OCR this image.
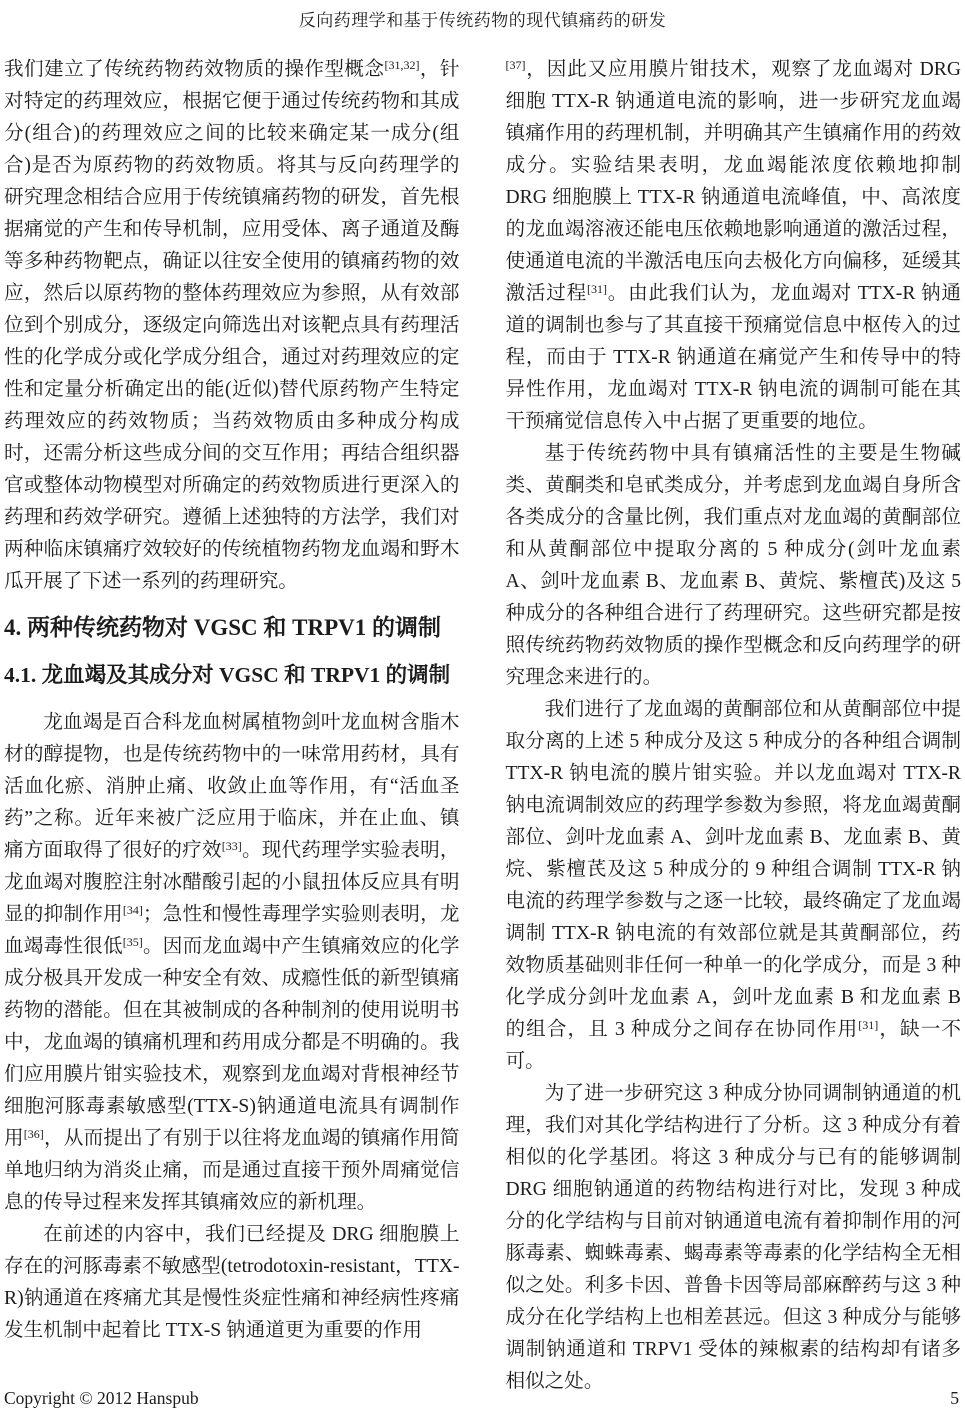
反向药理学和基于传统药物的现代镇痛药的研发

我们建立了传统药物药效物质的操作型概念[31,32]，针对特定的药理效应，根据它便于通过传统药物和其成分(组合)的药理效应之间的比较来确定某一成分(组合)是否为原药物的药效物质。将其与反向药理学的研究理念相结合应用于传统镇痛药物的研发，首先根据痛觉的产生和传导机制，应用受体、离子通道及酶等多种药物靶点，确证以往安全使用的镇痛药物的效应，然后以原药物的整体药理效应为参照，从有效部位到个别成分，逐级定向筛选出对该靶点具有药理活性的化学成分或化学成分组合，通过对药理效应的定性和定量分析确定出的能(近似)替代原药物产生特定药理效应的药效物质；当药效物质由多种成分构成时，还需分析这些成分间的交互作用；再结合组织器官或整体动物模型对所确定的药效物质进行更深入的药理和药效学研究。遵循上述独特的方法学，我们对两种临床镇痛疗效较好的传统植物药物龙血竭和野木瓜开展了下述一系列的药理研究。

4. 两种传统药物对 VGSC 和 TRPV1 的调制
4.1. 龙血竭及其成分对 VGSC 和 TRPV1 的调制

龙血竭是百合科龙血树属植物剑叶龙血树含脂木材的醇提物，也是传统药物中的一味常用药材，具有活血化瘀、消肿止痛、收敛止血等作用，有“活血圣药”之称。近年来被广泛应用于临床，并在止血、镇痛方面取得了很好的疗效[33]。现代药理学实验表明，龙血竭对腹腔注射冰醋酸引起的小鼠扭体反应具有明显的抑制作用[34]；急性和慢性毒理学实验则表明，龙血竭毒性很低[35]。因而龙血竭中产生镇痛效应的化学成分极具开发成一种安全有效、成瘾性低的新型镇痛药物的潜能。但在其被制成的各种制剂的使用说明书中，龙血竭的镇痛机理和药用成分都是不明确的。我们应用膜片钳实验技术，观察到龙血竭对背根神经节细胞河豚毒素敏感型(TTX-S)钠通道电流具有调制作用[36]，从而提出了有别于以往将龙血竭的镇痛作用简单地归纳为消炎止痛，而是通过直接干预外周痛觉信息的传导过程来发挥其镇痛效应的新机理。

在前述的内容中，我们已经提及 DRG 细胞膜上存在的河豚毒素不敏感型(tetrodotoxin-resistant，TTX-R)钠通道在疼痛尤其是慢性炎症性痛和神经病性疼痛发生机制中起着比 TTX-S 钠通道更为重要的作用

[37]，因此又应用膜片钳技术，观察了龙血竭对 DRG 细胞 TTX-R 钠通道电流的影响，进一步研究龙血竭镇痛作用的药理机制，并明确其产生镇痛作用的药效成分。实验结果表明，龙血竭能浓度依赖地抑制 DRG 细胞膜上 TTX-R 钠通道电流峰值，中、高浓度的龙血竭溶液还能电压依赖地影响通道的激活过程，使通道电流的半激活电压向去极化方向偏移，延缓其激活过程[31]。由此我们认为，龙血竭对 TTX-R 钠通道的调制也参与了其直接干预痛觉信息中枢传入的过程，而由于 TTX-R 钠通道在痛觉产生和传导中的特异性作用，龙血竭对 TTX-R 钠电流的调制可能在其干预痛觉信息传入中占据了更重要的地位。

基于传统药物中具有镇痛活性的主要是生物碱类、黄酮类和皂甙类成分，并考虑到龙血竭自身所含各类成分的含量比例，我们重点对龙血竭的黄酮部位和从黄酮部位中提取分离的 5 种成分(剑叶龙血素 A、剑叶龙血素 B、龙血素 B、黄烷、紫檀芪)及这 5 种成分的各种组合进行了药理研究。这些研究都是按照传统药物药效物质的操作型概念和反向药理学的研究理念来进行的。

我们进行了龙血竭的黄酮部位和从黄酮部位中提取分离的上述 5 种成分及这 5 种成分的各种组合调制 TTX-R 钠电流的膜片钳实验。并以龙血竭对 TTX-R 钠电流调制效应的药理学参数为参照，将龙血竭黄酮部位、剑叶龙血素 A、剑叶龙血素 B、龙血素 B、黄烷、紫檀芪及这 5 种成分的 9 种组合调制 TTX-R 钠电流的药理学参数与之逐一比较，最终确定了龙血竭调制 TTX-R 钠电流的有效部位就是其黄酮部位，药效物质基础则非任何一种单一的化学成分，而是 3 种化学成分剑叶龙血素 A，剑叶龙血素 B 和龙血素 B 的组合，且 3 种成分之间存在协同作用[31]，缺一不可。

为了进一步研究这 3 种成分协同调制钠通道的机理，我们对其化学结构进行了分析。这 3 种成分有着相似的化学基团。将这 3 种成分与已有的能够调制 DRG 细胞钠通道的药物结构进行对比，发现 3 种成分的化学结构与目前对钠通道电流有着抑制作用的河豚毒素、蜘蛛毒素、蝎毒素等毒素的化学结构全无相似之处。利多卡因、普鲁卡因等局部麻醉药与这 3 种成分在化学结构上也相差甚远。但这 3 种成分与能够调制钠通道和 TRPV1 受体的辣椒素的结构却有诸多相似之处。

Copyright © 2012 Hanspub	5
